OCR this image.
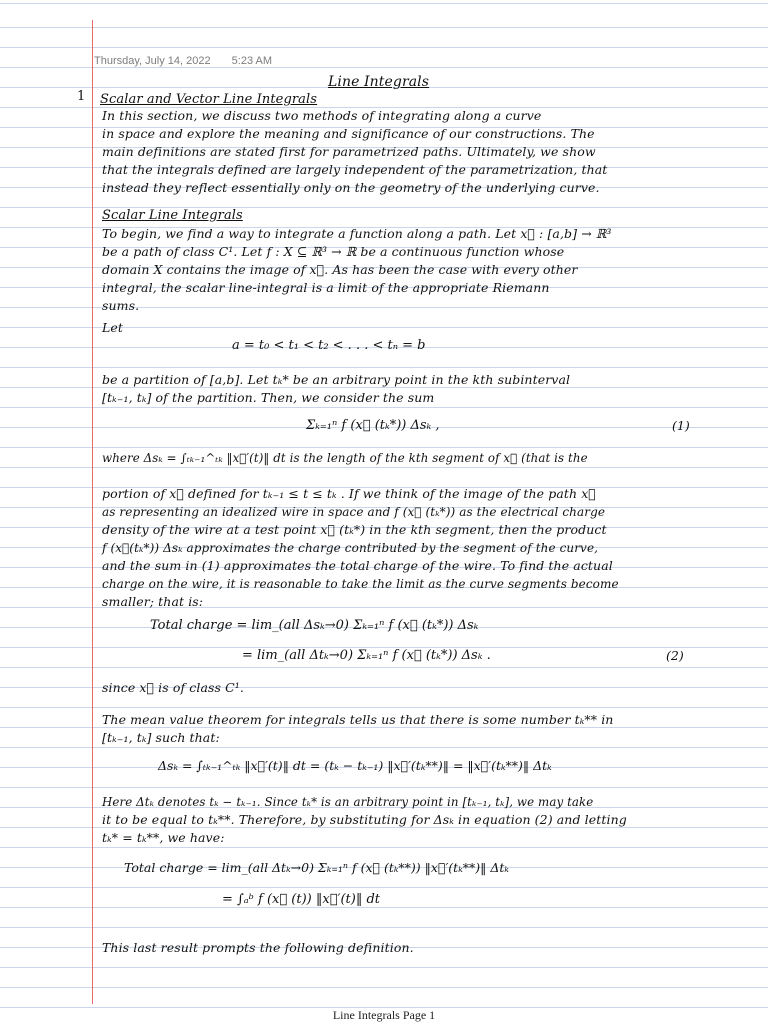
Thursday, July 14, 2022 5:23 AM
Line Integrals
1 Scalar and Vector Line Integrals
In this section, we discuss two methods of integrating along a curve
in space and explore the meaning and significance of our constructions. The
main definitions are stated first for parametrized paths. Ultimately, we show
that the integrals defined are largely independent of the parametrization, that
instead they reflect essentially only on the geometry of the underlying curve.
Scalar Line Integrals
To begin, we find a way to integrate a function along a path. Let x⃗ : [a,b] → ℝ³
be a path of class C¹. Let f : X ⊆ ℝ³ → ℝ be a continuous function whose
domain X contains the image of x⃗. As has been the case with every other
integral, the scalar line-integral is a limit of the appropriate Riemann
sums.
Let
a = t₀ < t₁ < t₂ < . . . < tₙ = b
be a partition of [a,b]. Let tₖ* be an arbitrary point in the kth subinterval
[tₖ₋₁, tₖ] of the partition. Then, we consider the sum
Σₖ₌₁ⁿ f (x⃗ (tₖ*)) Δsₖ ,	(1)
where Δsₖ = ∫ₜₖ₋₁^ₜₖ ‖x⃗′(t)‖ dt is the length of the kth segment of x⃗ (that is the
portion of x⃗ defined for tₖ₋₁ ≤ t ≤ tₖ . If we think of the image of the path x⃗
as representing an idealized wire in space and f (x⃗ (tₖ*)) as the electrical charge
density of the wire at a test point x⃗ (tₖ*) in the kth segment, then the product
f (x⃗(tₖ*)) Δsₖ approximates the charge contributed by the segment of the curve,
and the sum in (1) approximates the total charge of the wire. To find the actual
charge on the wire, it is reasonable to take the limit as the curve segments become
smaller; that is:
Total charge = lim_(all Δsₖ→0) Σₖ₌₁ⁿ f (x⃗ (tₖ*)) Δsₖ
= lim_(all Δtₖ→0) Σₖ₌₁ⁿ f (x⃗ (tₖ*)) Δsₖ .	(2)
since x⃗ is of class C¹.
The mean value theorem for integrals tells us that there is some number tₖ** in
[tₖ₋₁, tₖ] such that:
Δsₖ = ∫ₜₖ₋₁^ₜₖ ‖x⃗′(t)‖ dt = (tₖ − tₖ₋₁) ‖x⃗′(tₖ**)‖ = ‖x⃗′(tₖ**)‖ Δtₖ
Here Δtₖ denotes tₖ − tₖ₋₁. Since tₖ* is an arbitrary point in [tₖ₋₁, tₖ], we may take
it to be equal to tₖ**. Therefore, by substituting for Δsₖ in equation (2) and letting
tₖ* = tₖ**, we have:
Total charge = lim_(all Δtₖ→0) Σₖ₌₁ⁿ f (x⃗ (tₖ**)) ‖x⃗′(tₖ**)‖ Δtₖ
= ∫ₐᵇ f (x⃗ (t)) ‖x⃗′(t)‖ dt
This last result prompts the following definition.
Line Integrals Page 1
